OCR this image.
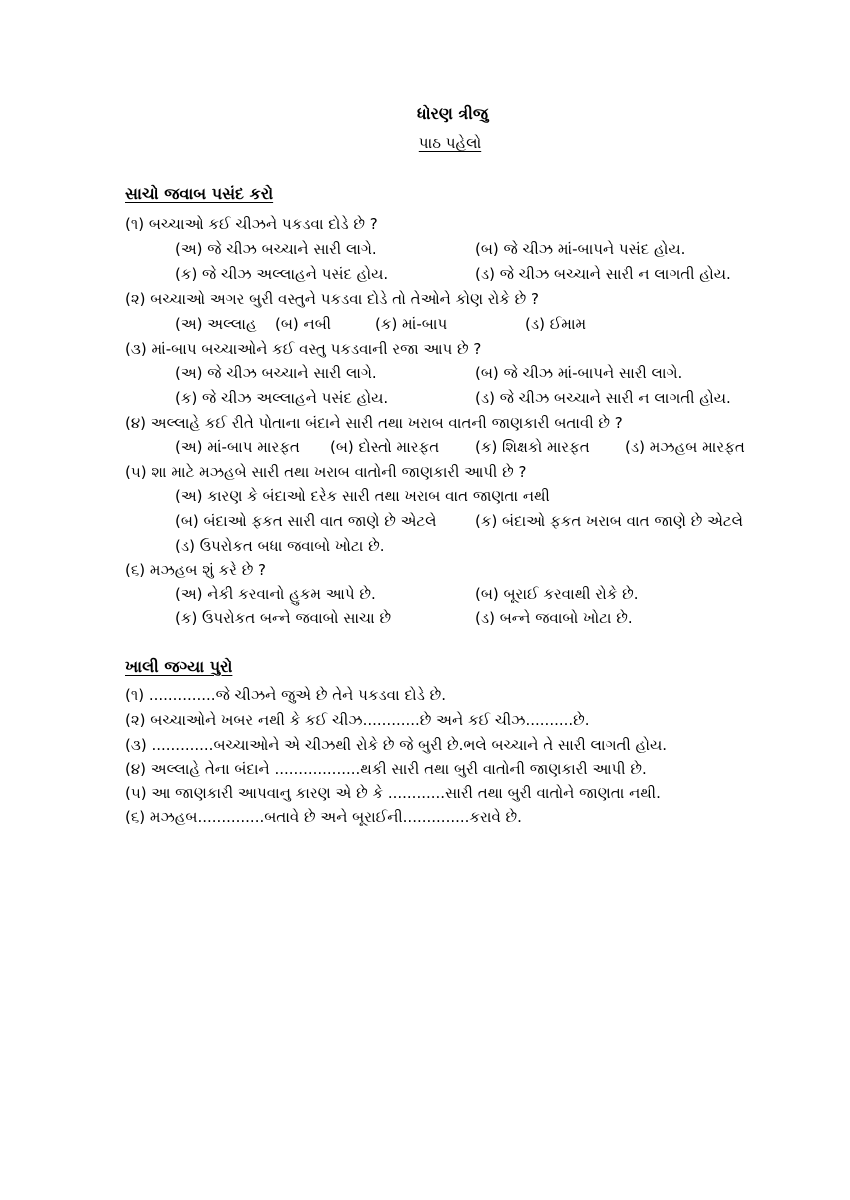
ધોરણ ત્રીજુ
પાઠ પહેલો
સાચો જવાબ પસંદ કરો
(૧) બચ્ચાઓ કઈ ચીઝને પકડવા દોડે છે ?
(અ) જે ચીઝ બચ્ચાને સારી લાગે.	(બ) જે ચીઝ માં-બાપને પસંદ હોય.
(ક) જે ચીઝ અલ્લાહને પસંદ હોય.	(ડ) જે ચીઝ બચ્ચાને સારી ન લાગતી હોય.
(૨) બચ્ચાઓ અગર બુરી વસ્તુને પકડવા દોડે તો તેઓને કોણ રોકે છે ?
(અ) અલ્લાહ (બ) નબી	(ક) માં-બાપ	(ડ) ઈમામ
(૩) માં-બાપ બચ્ચાઓને કઈ વસ્તુ પકડવાની રજા આપ છે ?
(અ) જે ચીઝ બચ્ચાને સારી લાગે.	(બ) જે ચીઝ માં-બાપને સારી લાગે.
(ક) જે ચીઝ અલ્લાહને પસંદ હોય.	(ડ) જે ચીઝ બચ્ચાને સારી ન લાગતી હોય.
(૪) અલ્લાહે કઈ રીતે પોતાના બંદાને સારી તથા ખરાબ વાતની જાણકારી બતાવી છે ?
(અ) માં-બાપ મારફત (બ) દોસ્તો મારફત (ક) શિક્ષકો મારફત (ડ) મઝહબ મારફત
(૫) શા માટે મઝહબે સારી તથા ખરાબ વાતોની જાણકારી આપી છે ?
(અ) કારણ કે બંદાઓ દરેક સારી તથા ખરાબ વાત જાણતા નથી
(બ) બંદાઓ ફકત સારી વાત જાણે છે એટલે	(ક) બંદાઓ ફકત ખરાબ વાત જાણે છે એટલે
(ડ) ઉપરોકત બધા જવાબો ખોટા છે.
(૬) મઝહબ શું કરે છે ?
(અ) નેકી કરવાનો હુકમ આપે છે.	(બ) બૂરાઈ કરવાથી રોકે છે.
(ક) ઉપરોકત બન્ને જવાબો સાચા છે	(ડ) બન્ને જવાબો ખોટા છે.
ખાલી જગ્યા પુરો
(૧) ..............જે ચીઝને જુએ છે તેને પકડવા દોડે છે.
(૨) બચ્ચાઓને ખબર નથી કે કઈ ચીઝ............છે અને કઈ ચીઝ..........છે.
(૩) .............બચ્ચાઓને એ ચીઝથી રોકે છે જે બુરી છે.ભલે બચ્ચાને તે સારી લાગતી હોય.
(૪) અલ્લાહે તેના બંદાને ..................થકી સારી તથા બુરી વાતોની જાણકારી આપી છે.
(૫) આ જાણકારી આપવાનુ કારણ એ છે કે ............સારી તથા બુરી વાતોને જાણતા નથી.
(૬) મઝહબ..............બતાવે છે અને બૂરાઈની..............કરાવે છે.
